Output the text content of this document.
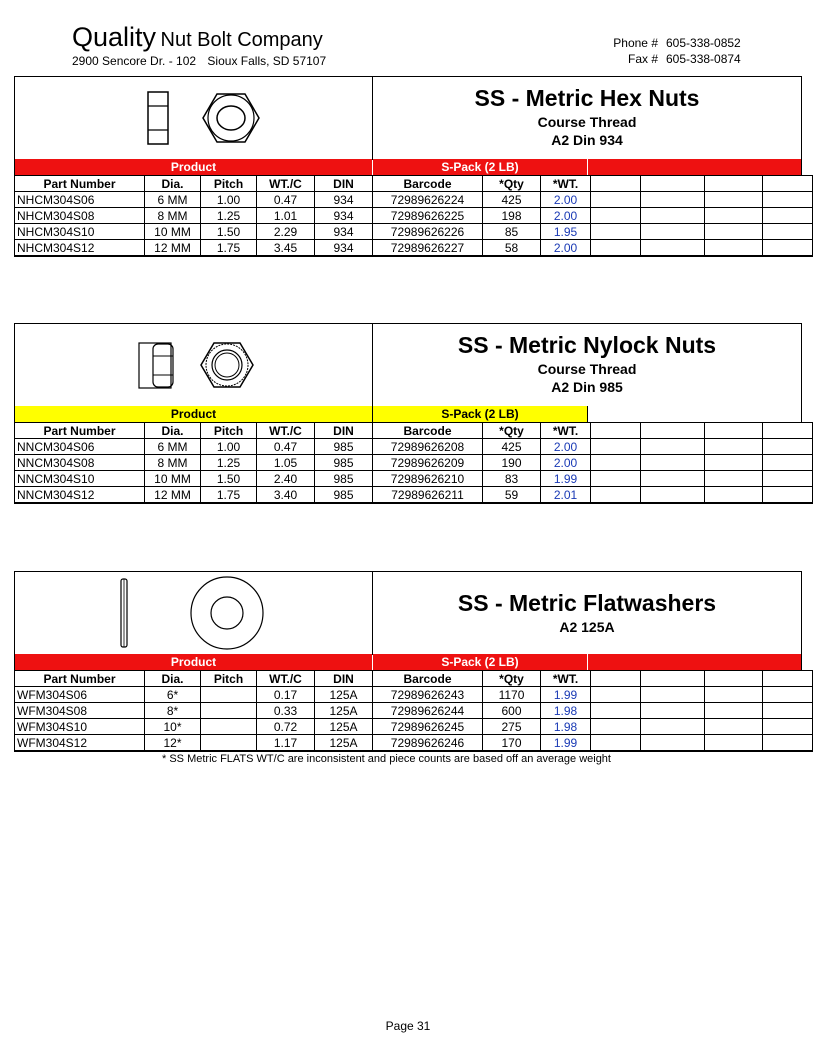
Quality Nut Bolt Company
2900 Sencore Dr. - 102 Sioux Falls, SD 57107
Phone # 605-338-0852
Fax # 605-338-0874
SS - Metric Hex Nuts
Course Thread
A2 Din 934
Product	S-Pack (2 LB)
Part Number	Dia.	Pitch	WT./C	DIN	Barcode	*Qty	*WT.				
NHCM304S06	6 MM	1.00	0.47	934	72989626224	425	2.00				
NHCM304S08	8 MM	1.25	1.01	934	72989626225	198	2.00				
NHCM304S10	10 MM	1.50	2.29	934	72989626226	85	1.95				
NHCM304S12	12 MM	1.75	3.45	934	72989626227	58	2.00				
SS - Metric Nylock Nuts
Course Thread
A2 Din 985
Product	S-Pack (2 LB)
Part Number	Dia.	Pitch	WT./C	DIN	Barcode	*Qty	*WT.				
NNCM304S06	6 MM	1.00	0.47	985	72989626208	425	2.00				
NNCM304S08	8 MM	1.25	1.05	985	72989626209	190	2.00				
NNCM304S10	10 MM	1.50	2.40	985	72989626210	83	1.99				
NNCM304S12	12 MM	1.75	3.40	985	72989626211	59	2.01				
SS - Metric Flatwashers
A2 125A
Product	S-Pack (2 LB)
Part Number	Dia.	Pitch	WT./C	DIN	Barcode	*Qty	*WT.				
WFM304S06	6*		0.17	125A	72989626243	1170	1.99				
WFM304S08	8*		0.33	125A	72989626244	600	1.98				
WFM304S10	10*		0.72	125A	72989626245	275	1.98				
WFM304S12	12*		1.17	125A	72989626246	170	1.99				
* SS Metric FLATS WT/C are inconsistent and piece counts are based off an average weight
Page 31
